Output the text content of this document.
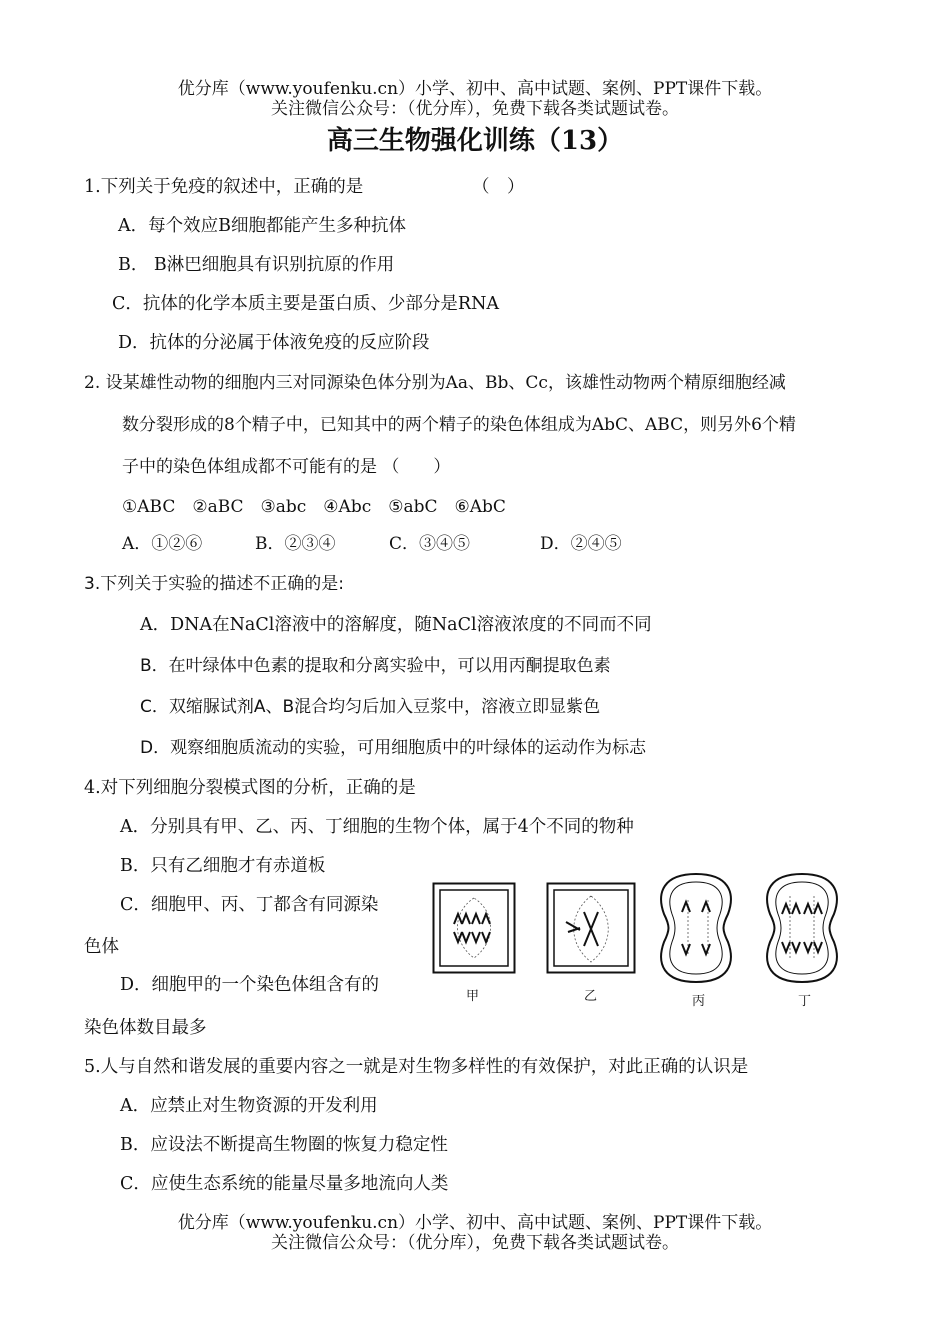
优分库（www.youfenku.cn）小学、初中、高中试题、案例、PPT课件下载。
关注微信公众号：（优分库），免费下载各类试题试卷。
高三生物强化训练（13）
1.下列关于免疫的叙述中，正确的是	（　）
A．每个效应B细胞都能产生多种抗体
B． B淋巴细胞具有识别抗原的作用
C．抗体的化学本质主要是蛋白质、少部分是RNA
D．抗体的分泌属于体液免疫的反应阶段
2. 设某雄性动物的细胞内三对同源染色体分别为Aa、Bb、Cc，该雄性动物两个精原细胞经减
数分裂形成的8个精子中，已知其中的两个精子的染色体组成为AbC、ABC，则另外6个精
子中的染色体组成都不可能有的是 （　　）
①ABC　②aBC　③abc　④Abc　⑤abC　⑥AbC
A．①②⑥	B．②③④	C．③④⑤	D．②④⑤
3.下列关于实验的描述不正确的是:
A．DNA在NaCl溶液中的溶解度，随NaCl溶液浓度的不同而不同
B．在叶绿体中色素的提取和分离实验中，可以用丙酮提取色素
C．双缩脲试剂A、B混合均匀后加入豆浆中，溶液立即显紫色
D．观察细胞质流动的实验，可用细胞质中的叶绿体的运动作为标志
4.对下列细胞分裂模式图的分析，正确的是
A．分别具有甲、乙、丙、丁细胞的生物个体，属于4个不同的物种
B．只有乙细胞才有赤道板
C．细胞甲、丙、丁都含有同源染
色体
D．细胞甲的一个染色体组含有的
染色体数目最多
甲	乙	丙	丁
5.人与自然和谐发展的重要内容之一就是对生物多样性的有效保护，对此正确的认识是
A．应禁止对生物资源的开发利用
B．应设法不断提高生物圈的恢复力稳定性
C．应使生态系统的能量尽量多地流向人类
优分库（www.youfenku.cn）小学、初中、高中试题、案例、PPT课件下载。
关注微信公众号：（优分库），免费下载各类试题试卷。
